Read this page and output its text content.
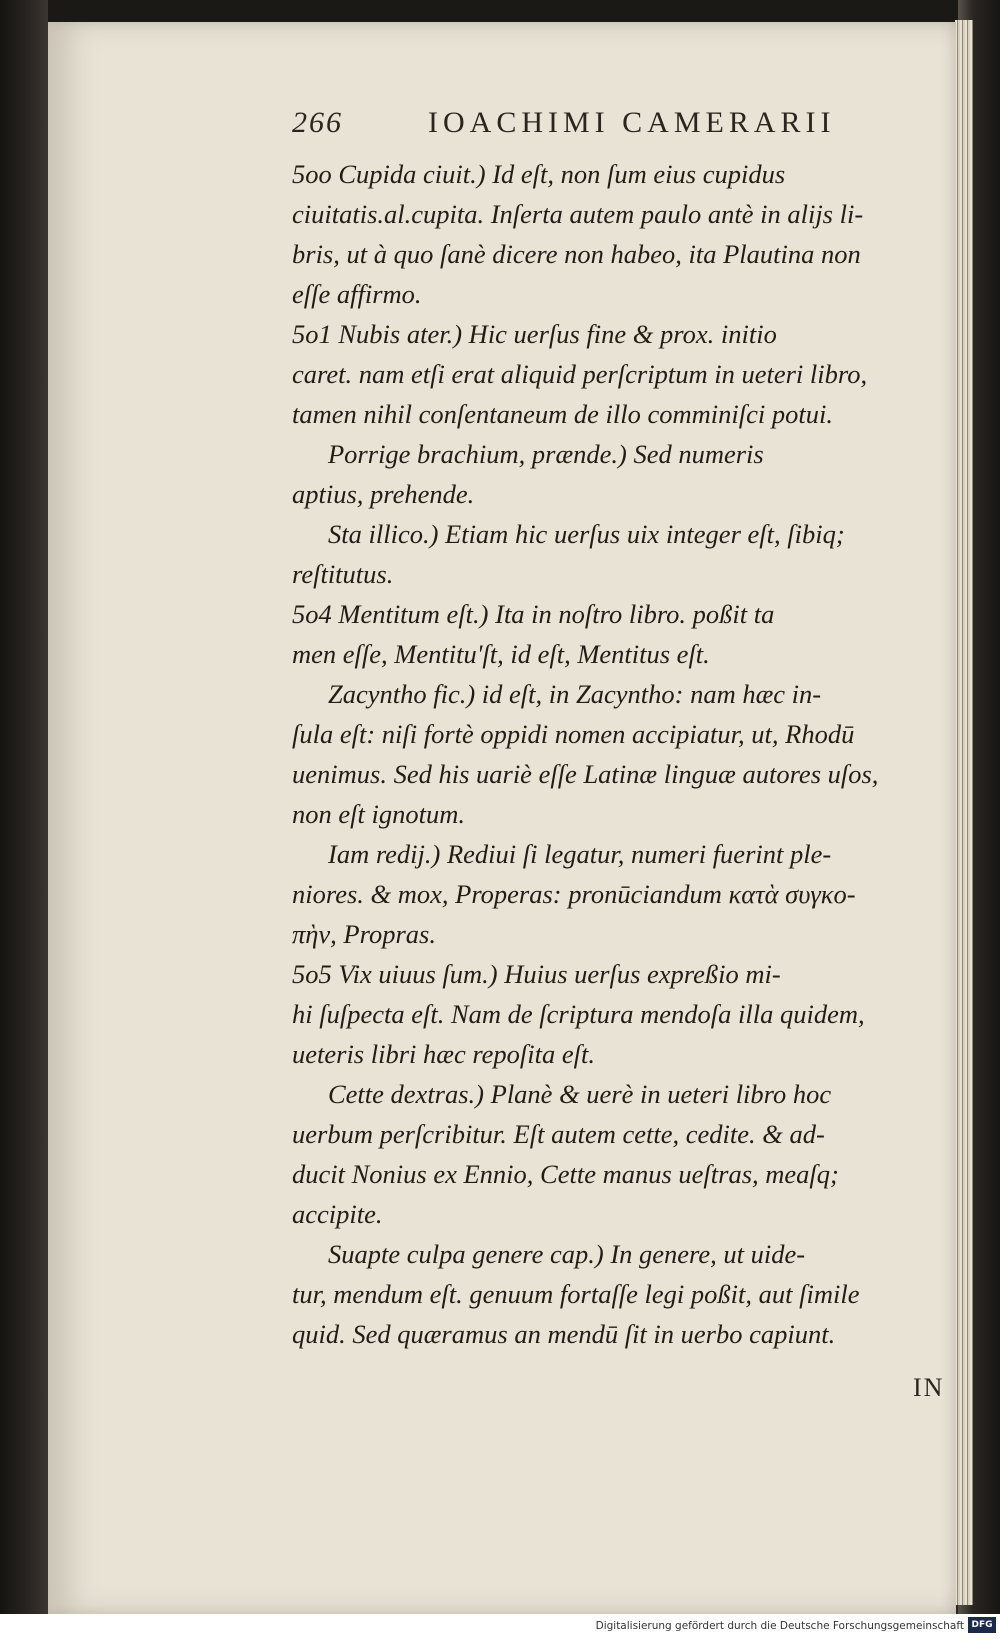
266	IOACHIMI CAMERARII
5oo Cupida ciuit.) Id eſt, non ſum eius cupidus
ciuitatis.al.cupita. Inſerta autem paulo antè in alijs li-
bris, ut à quo ſanè dicere non habeo, ita Plautina non
eſſe affirmo.
5o1 Nubis ater.) Hic uerſus fine & prox. initio
caret. nam etſi erat aliquid perſcriptum in ueteri libro,
tamen nihil conſentaneum de illo comminiſci potui.
Porrige brachium, prænde.) Sed numeris
aptius, prehende.
Sta illico.) Etiam hic uerſus uix integer eſt, ſibiq;
reſtitutus.
5o4 Mentitum eſt.) Ita in noſtro libro. poßit ta
men eſſe, Mentitu'ſt, id eſt, Mentitus eſt.
Zacyntho fic.) id eſt, in Zacyntho: nam hæc in-
ſula eſt: niſi fortè oppidi nomen accipiatur, ut, Rhodū
uenimus. Sed his uariè eſſe Latinæ linguæ autores uſos,
non eſt ignotum.
Iam redij.) Rediui ſi legatur, numeri fuerint ple-
niores. & mox, Properas: pronūciandum κατὰ συγκο-
πὴν, Propras.
5o5 Vix uiuus ſum.) Huius uerſus expreßio mi-
hi ſuſpecta eſt. Nam de ſcriptura mendoſa illa quidem,
ueteris libri hæc repoſita eſt.
Cette dextras.) Planè & uerè in ueteri libro hoc
uerbum perſcribitur. Eſt autem cette, cedite. & ad-
ducit Nonius ex Ennio, Cette manus ueſtras, meaſq;
accipite.
Suapte culpa genere cap.) In genere, ut uide-
tur, mendum eſt. genuum fortaſſe legi poßit, aut ſimile
quid. Sed quæramus an mendū ſit in uerbo capiunt.
IN
Digitalisierung gefördert durch die Deutsche Forschungsgemeinschaft DFG
